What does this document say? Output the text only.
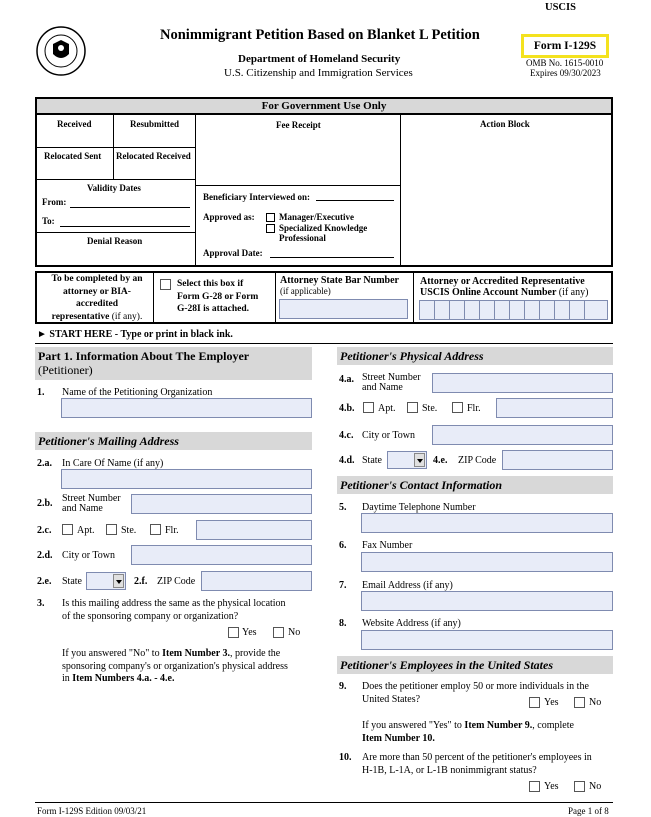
Nonimmigrant Petition Based on Blanket L Petition
Department of Homeland Security
U.S. Citizenship and Immigration Services
USCIS
Form I-129S
OMB No. 1615-0010
Expires 09/30/2023
For Government Use Only
Received	Resubmitted
Relocated Sent Relocated Received
Validity Dates
From:
To:
Denial Reason
Fee Receipt
Beneficiary Interviewed on:
Approved as:	Manager/Executive
Specialized Knowledge
Professional
Approval Date:
Action Block
To be completed by an
attorney or BIA-
accredited
representative (if any).
Select this box if
Form G-28 or Form
G-28I is attached.
Attorney State Bar Number
(if applicable)
Attorney or Accredited Representative
USCIS Online Account Number (if any)
► START HERE - Type or print in black ink.
Part 1. Information About The Employer
(Petitioner)
1. Name of the Petitioning Organization
Petitioner's Mailing Address
2.a. In Care Of Name (if any)
2.b. Street Number
and Name
2.c.	Apt.	Ste.	Flr.
2.d. City or Town
2.e. State	2.f. ZIP Code
3. Is this mailing address the same as the physical location
of the sponsoring company or organization?
Yes	No
If you answered "No" to Item Number 3., provide the
sponsoring company's or organization's physical address
in Item Numbers 4.a. - 4.e.
Petitioner's Physical Address
4.a. Street Number
and Name
4.b. Apt.	Ste.	Flr.
4.c. City or Town
4.d. State	4.e. ZIP Code
Petitioner's Contact Information
5. Daytime Telephone Number
6. Fax Number
7. Email Address (if any)
8. Website Address (if any)
Petitioner's Employees in the United States
9. Does the petitioner employ 50 or more individuals in the
United States?	Yes	No
If you answered "Yes" to Item Number 9., complete
Item Number 10.
10. Are more than 50 percent of the petitioner's employees in
H-1B, L-1A, or L-1B nonimmigrant status?
Yes	No
Form I-129S Edition 09/03/21	Page 1 of 8
